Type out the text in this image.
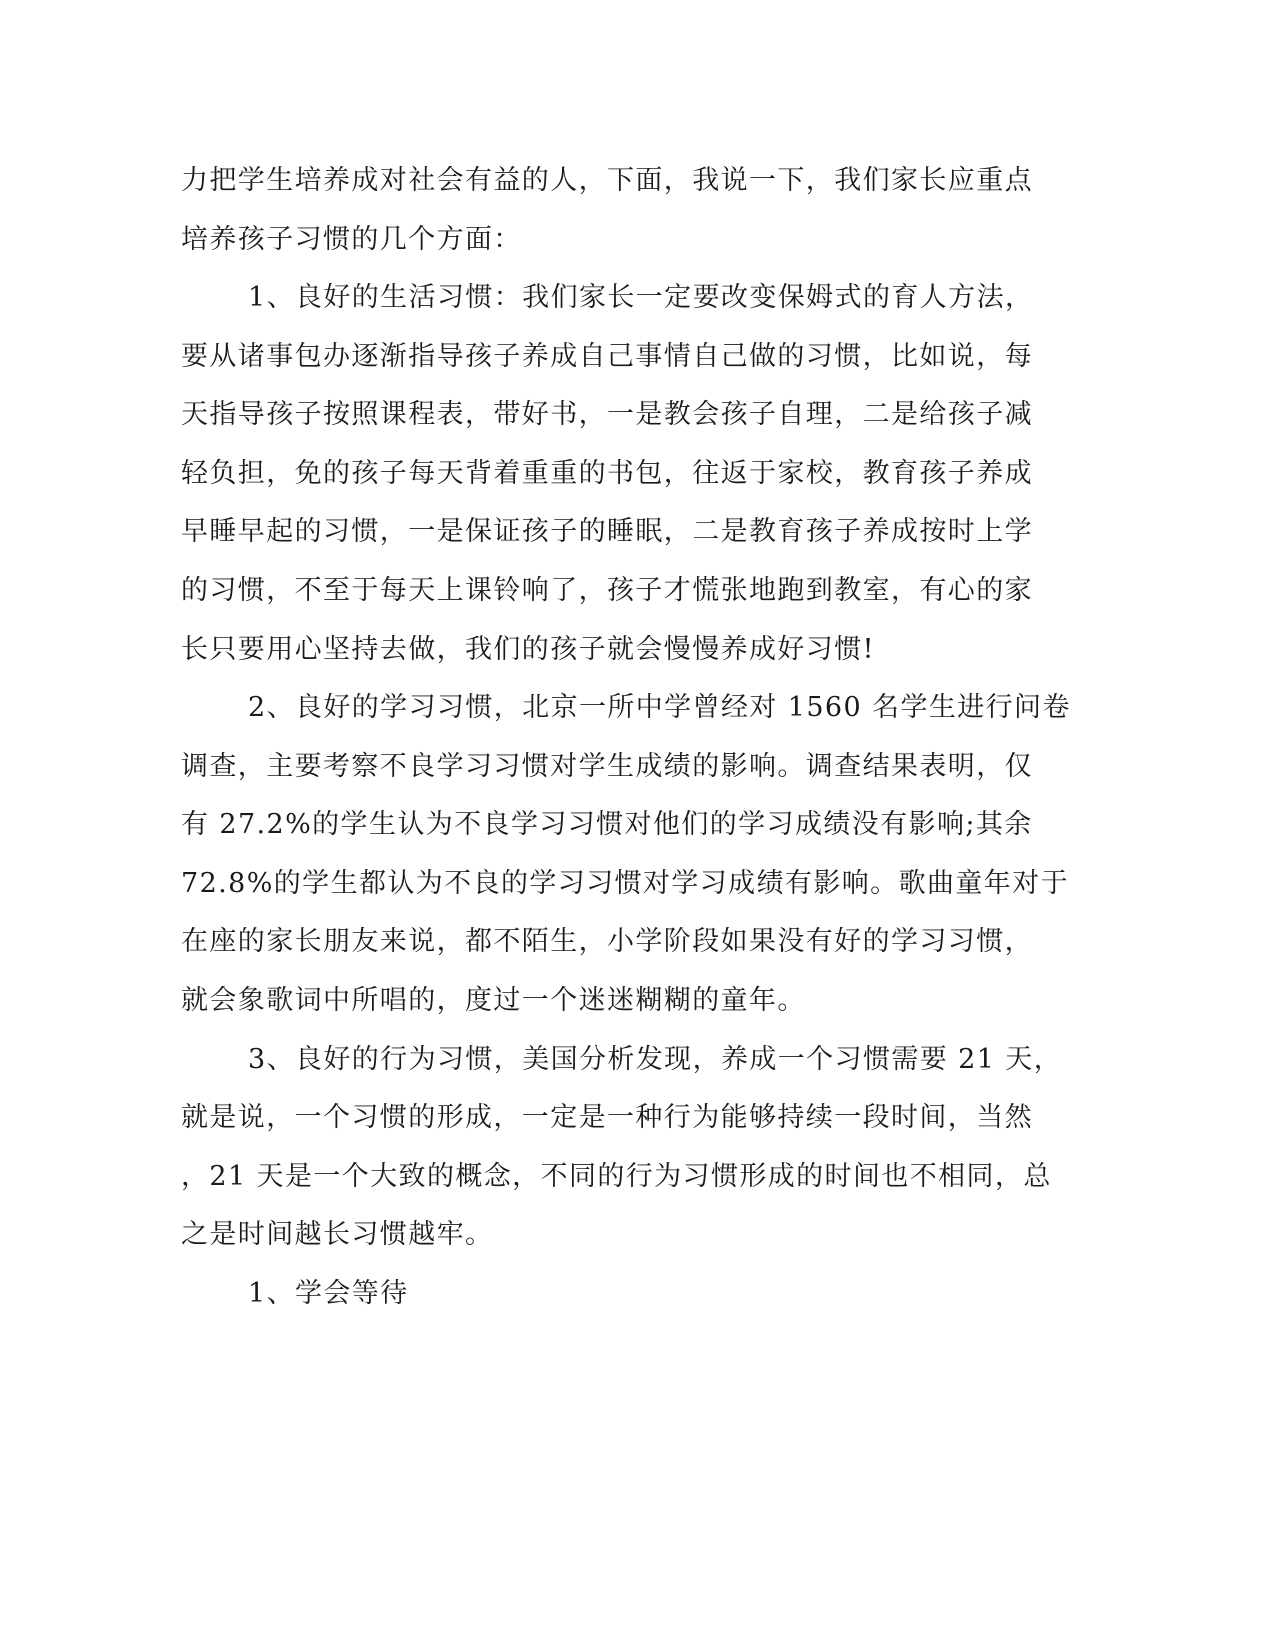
力把学生培养成对社会有益的人，下面，我说一下，我们家长应重点

培养孩子习惯的几个方面：

1、良好的生活习惯：我们家长一定要改变保姆式的育人方法，

要从诸事包办逐渐指导孩子养成自己事情自己做的习惯，比如说，每

天指导孩子按照课程表，带好书，一是教会孩子自理，二是给孩子减

轻负担，免的孩子每天背着重重的书包，往返于家校，教育孩子养成

早睡早起的习惯，一是保证孩子的睡眠，二是教育孩子养成按时上学

的习惯，不至于每天上课铃响了，孩子才慌张地跑到教室，有心的家

长只要用心坚持去做，我们的孩子就会慢慢养成好习惯!

2、良好的学习习惯，北京一所中学曾经对 1560 名学生进行问卷

调查，主要考察不良学习习惯对学生成绩的影响。调查结果表明，仅

有 27.2%的学生认为不良学习习惯对他们的学习成绩没有影响;其余

72.8%的学生都认为不良的学习习惯对学习成绩有影响。歌曲童年对于

在座的家长朋友来说，都不陌生，小学阶段如果没有好的学习习惯，

就会象歌词中所唱的，度过一个迷迷糊糊的童年。

3、良好的行为习惯，美国分析发现，养成一个习惯需要 21 天，

就是说，一个习惯的形成，一定是一种行为能够持续一段时间，当然

，21 天是一个大致的概念，不同的行为习惯形成的时间也不相同，总

之是时间越长习惯越牢。

1、学会等待
